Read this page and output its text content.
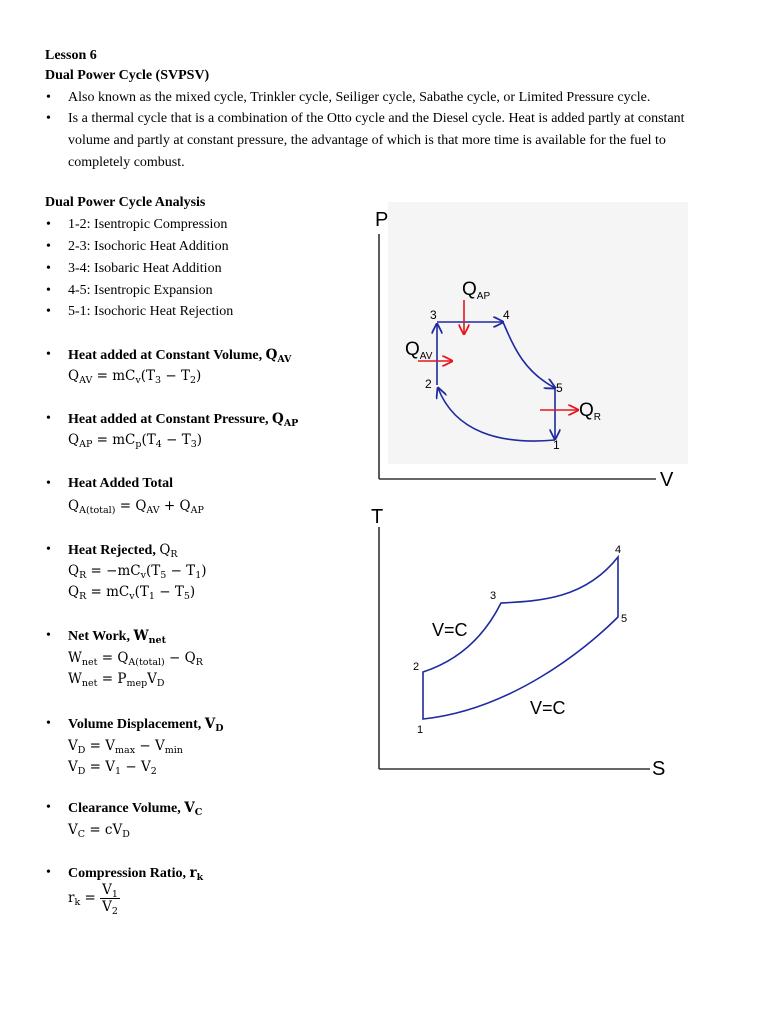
Lesson 6
Dual Power Cycle (SVPSV)
• Also known as the mixed cycle, Trinkler cycle, Seiliger cycle, Sabathe cycle, or Limited Pressure cycle.
• Is a thermal cycle that is a combination of the Otto cycle and the Diesel cycle. Heat is added partly at constant volume and partly at constant pressure, the advantage of which is that more time is available for the fuel to completely combust.
Dual Power Cycle Analysis
• 1-2: Isentropic Compression
• 2-3: Isochoric Heat Addition
• 3-4: Isobaric Heat Addition
• 4-5: Isentropic Expansion
• 5-1: Isochoric Heat Rejection
• Heat added at Constant Volume, $Q_{AV}$
$Q_{AV} = mC_v(T_3 - T_2)$
• Heat added at Constant Pressure, $Q_{AP}$
$Q_{AP} = mC_p(T_4 - T_3)$
• Heat Added Total
$Q_{A(total)} = Q_{AV} + Q_{AP}$
• Heat Rejected, $Q_R$
$Q_R = -mC_v(T_5 - T_1)$
$Q_R = mC_v(T_1 - T_5)$
• Net Work, $W_{net}$
$W_{net} = Q_{A(total)} - Q_R$
$W_{net} = P_{mep}V_D$
• Volume Displacement, $V_D$
$V_D = V_{max} - V_{min}$
$V_D = V_1 - V_2$
• Clearance Volume, $V_C$
$V_C = cV_D$
• Compression Ratio, $r_k$
$r_k = \frac{V_1}{V_2}$
P
V
3	4
2	5
1
$Q_{AP}$
$Q_{AV}$
$Q_R$
T
S
1
2
3
4
5
V=C
V=C
